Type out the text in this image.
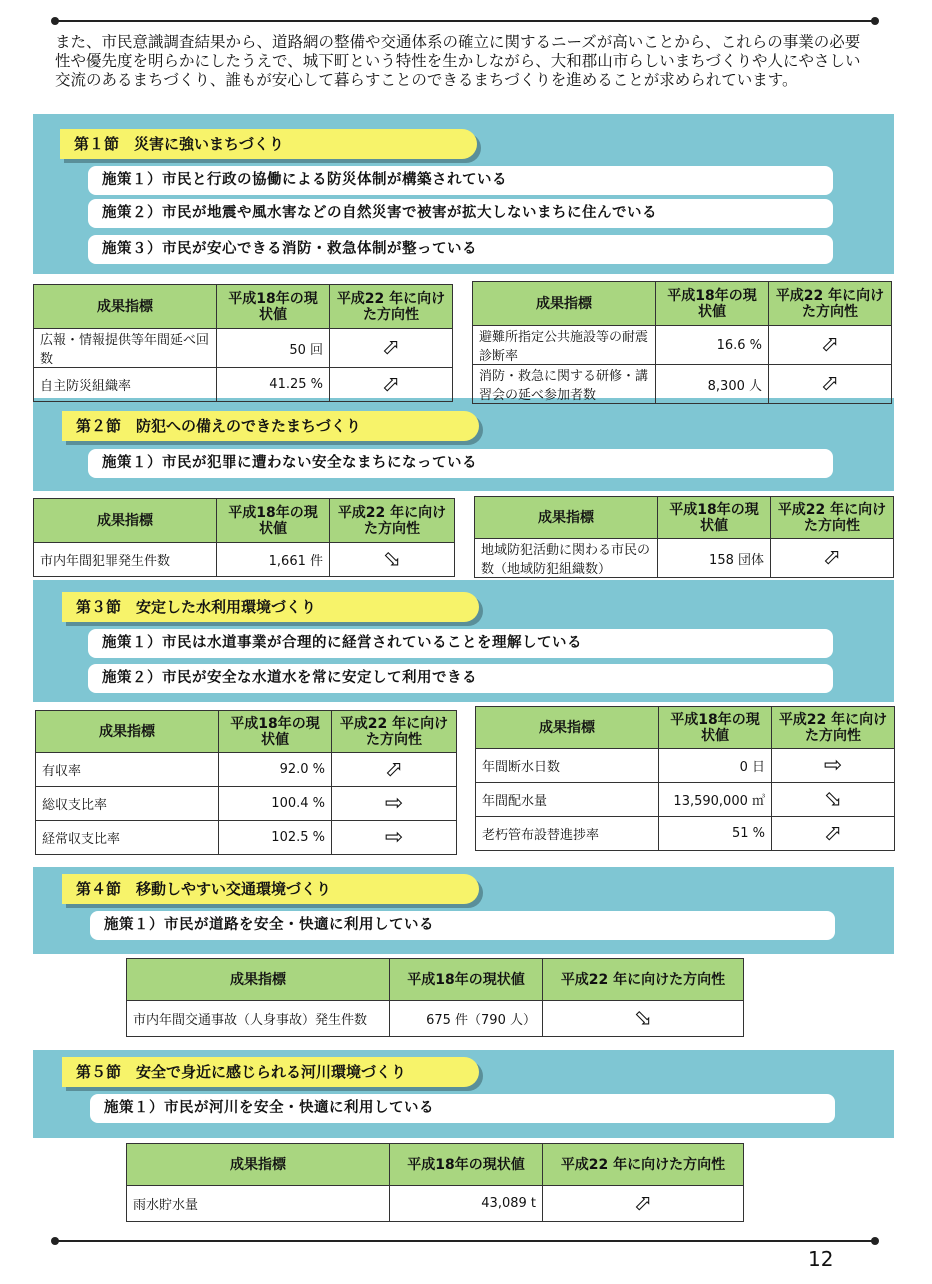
また、市民意識調査結果から、道路網の整備や交通体系の確立に関するニーズが高いことから、これらの事業の必要性や優先度を明らかにしたうえで、城下町という特性を生かしながら、大和郡山市らしいまちづくりや人にやさしい交流のあるまちづくり、誰もが安心して暮らすことのできるまちづくりを進めることが求められています。
第１節　災害に強いまちづくり
第２節　防犯への備えのできたまちづくり
第３節　安定した水利用環境づくり
第４節　移動しやすい交通環境づくり
第５節　安全で身近に感じられる河川環境づくり
施策１）市民と行政の協働による防災体制が構築されている
施策２）市民が地震や風水害などの自然災害で被害が拡大しないまちに住んでいる
施策３）市民が安心できる消防・救急体制が整っている
施策１）市民が犯罪に遭わない安全なまちになっている
施策１）市民は水道事業が合理的に経営されていることを理解している
施策２）市民が安全な水道水を常に安定して利用できる
施策１）市民が道路を安全・快適に利用している
施策１）市民が河川を安全・快適に利用している
成果指標	平成18年の現状値	平成22 年に向けた方向性
広報・情報提供等年間延べ回数	50 回	⬀
自主防災組織率	41.25 %	⬀
成果指標	平成18年の現状値	平成22 年に向けた方向性
避難所指定公共施設等の耐震診断率	16.6 %	⬀
消防・救急に関する研修・講習会の延べ参加者数	8,300 人	⬀
成果指標	平成18年の現状値	平成22 年に向けた方向性
市内年間犯罪発生件数	1,661 件	⬂
成果指標	平成18年の現状値	平成22 年に向けた方向性
地域防犯活動に関わる市民の数（地域防犯組織数）	158 団体	⬀
成果指標	平成18年の現状値	平成22 年に向けた方向性
有収率	92.0 %	⬀
総収支比率	100.4 %	⇨
経常収支比率	102.5 %	⇨
成果指標	平成18年の現状値	平成22 年に向けた方向性
年間断水日数	0 日	⇨
年間配水量	13,590,000 ㎥	⬂
老朽管布設替進捗率	51 %	⬀
成果指標	平成18年の現状値	平成22 年に向けた方向性
市内年間交通事故（人身事故）発生件数	675 件（790 人）	⬂
成果指標	平成18年の現状値	平成22 年に向けた方向性
雨水貯水量	43,089 t	⬀
12
